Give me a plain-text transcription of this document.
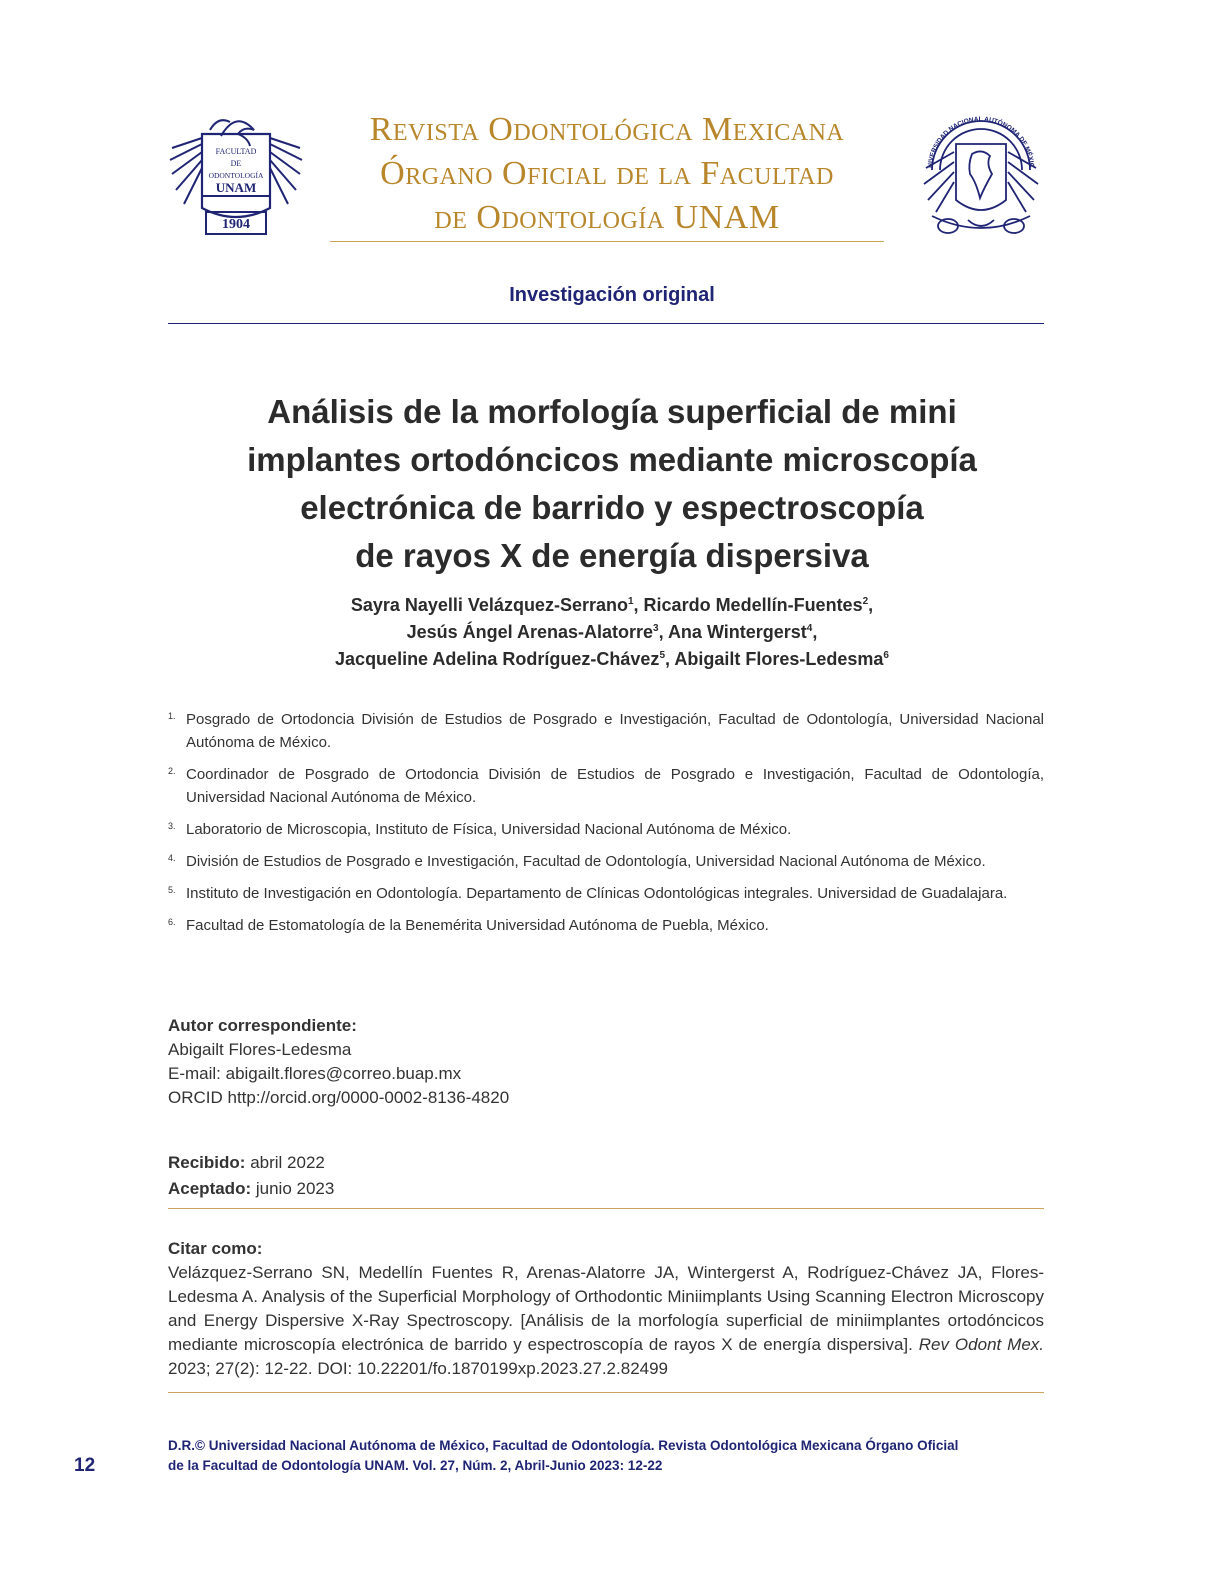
FACULTAD
DE
ODONTOLOGÍA
UNAM
1904
Revista Odontológica Mexicana
Órgano Oficial de la Facultad
de Odontología UNAM
NIVERSIDAD NACIONAL AUTÓNOMA DE MÉXIC
Investigación original
Análisis de la morfología superficial de mini
implantes ortodóncicos mediante microscopía
electrónica de barrido y espectroscopía
de rayos X de energía dispersiva
Sayra Nayelli Velázquez-Serrano$^1$, Ricardo Medellín-Fuentes$^2$,
Jesús Ángel Arenas-Alatorre$^3$, Ana Wintergerst$^4$,
Jacqueline Adelina Rodríguez-Chávez$^5$, Abigailt Flores-Ledesma$^6$
1. Posgrado de Ortodoncia División de Estudios de Posgrado e Investigación, Facultad de Odontología, Universidad Nacional Autónoma de México.
2. Coordinador de Posgrado de Ortodoncia División de Estudios de Posgrado e Investigación, Facultad de Odontología, Universidad Nacional Autónoma de México.
3. Laboratorio de Microscopia, Instituto de Física, Universidad Nacional Autónoma de México.
4. División de Estudios de Posgrado e Investigación, Facultad de Odontología, Universidad Nacional Autónoma de México.
5. Instituto de Investigación en Odontología. Departamento de Clínicas Odontológicas integrales. Universidad de Guadalajara.
6. Facultad de Estomatología de la Benemérita Universidad Autónoma de Puebla, México.
Autor correspondiente:
Abigailt Flores-Ledesma
E-mail: abigailt.flores@correo.buap.mx
ORCID http://orcid.org/0000-0002-8136-4820
Recibido: abril 2022
Aceptado: junio 2023
Citar como:
Velázquez-Serrano SN, Medellín Fuentes R, Arenas-Alatorre JA, Wintergerst A, Rodríguez-Chávez JA, Flores-Ledesma A. Analysis of the Superficial Morphology of Orthodontic Miniimplants Using Scanning Electron Microscopy and Energy Dispersive X-Ray Spectroscopy. [Análisis de la morfología superficial de miniimplantes ortodóncicos mediante microscopía electrónica de barrido y espectroscopía de rayos X de energía dispersiva]. Rev Odont Mex. 2023; 27(2): 12-22. DOI: 10.22201/fo.1870199xp.2023.27.2.82499
12
D.R.© Universidad Nacional Autónoma de México, Facultad de Odontología. Revista Odontológica Mexicana Órgano Oficial
de la Facultad de Odontología UNAM. Vol. 27, Núm. 2, Abril-Junio 2023: 12-22
